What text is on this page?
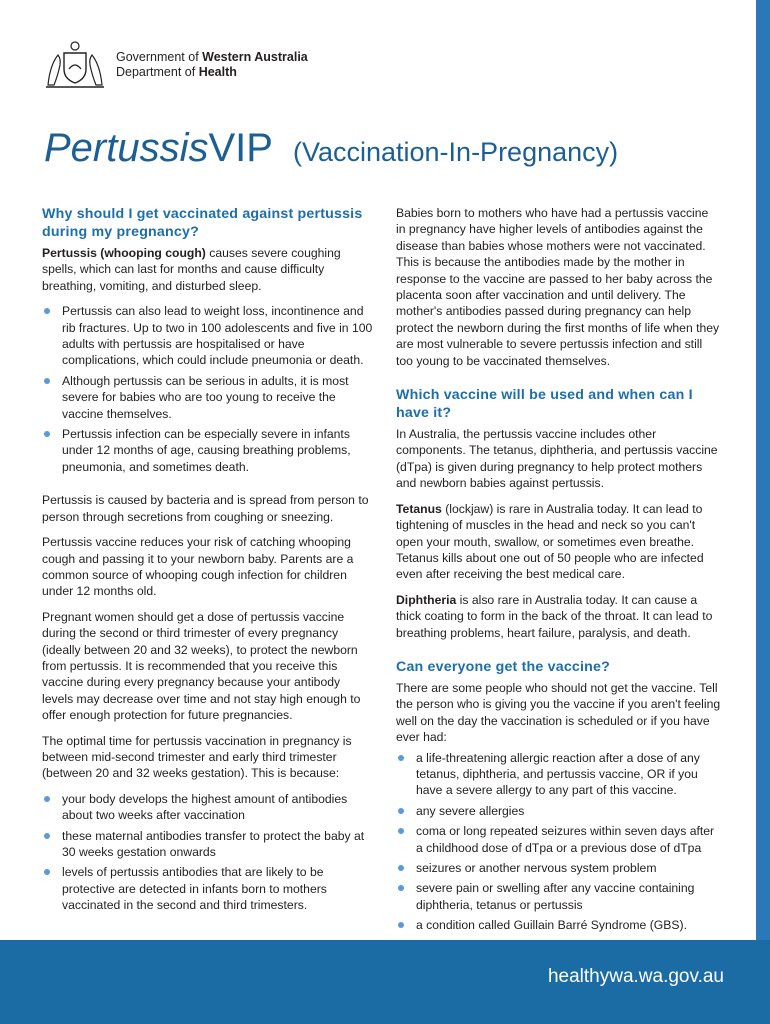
Government of Western Australia
Department of Health
PertussisVIP (Vaccination-In-Pregnancy)
Why should I get vaccinated against pertussis during my pregnancy?

Pertussis (whooping cough) causes severe coughing spells, which can last for months and cause difficulty breathing, vomiting, and disturbed sleep.

Pertussis can also lead to weight loss, incontinence and rib fractures. Up to two in 100 adolescents and five in 100 adults with pertussis are hospitalised or have complications, which could include pneumonia or death.
Although pertussis can be serious in adults, it is most severe for babies who are too young to receive the vaccine themselves.
Pertussis infection can be especially severe in infants under 12 months of age, causing breathing problems, pneumonia, and sometimes death.

Pertussis is caused by bacteria and is spread from person to person through secretions from coughing or sneezing.

Pertussis vaccine reduces your risk of catching whooping cough and passing it to your newborn baby. Parents are a common source of whooping cough infection for children under 12 months old.

Pregnant women should get a dose of pertussis vaccine during the second or third trimester of every pregnancy (ideally between 20 and 32 weeks), to protect the newborn from pertussis. It is recommended that you receive this vaccine during every pregnancy because your antibody levels may decrease over time and not stay high enough to offer enough protection for future pregnancies.

The optimal time for pertussis vaccination in pregnancy is between mid-second trimester and early third trimester (between 20 and 32 weeks gestation). This is because:

your body develops the highest amount of antibodies about two weeks after vaccination
these maternal antibodies transfer to protect the baby at 30 weeks gestation onwards
levels of pertussis antibodies that are likely to be protective are detected in infants born to mothers vaccinated in the second and third trimesters.

Babies born to mothers who have had a pertussis vaccine in pregnancy have higher levels of antibodies against the disease than babies whose mothers were not vaccinated. This is because the antibodies made by the mother in response to the vaccine are passed to her baby across the placenta soon after vaccination and until delivery. The mother's antibodies passed during pregnancy can help protect the newborn during the first months of life when they are most vulnerable to severe pertussis infection and still too young to be vaccinated themselves.

Which vaccine will be used and when can I have it?

In Australia, the pertussis vaccine includes other components. The tetanus, diphtheria, and pertussis vaccine (dTpa) is given during pregnancy to help protect mothers and newborn babies against pertussis.

Tetanus (lockjaw) is rare in Australia today. It can lead to tightening of muscles in the head and neck so you can't open your mouth, swallow, or sometimes even breathe. Tetanus kills about one out of 50 people who are infected even after receiving the best medical care.

Diphtheria is also rare in Australia today. It can cause a thick coating to form in the back of the throat. It can lead to breathing problems, heart failure, paralysis, and death.

Can everyone get the vaccine?

There are some people who should not get the vaccine. Tell the person who is giving you the vaccine if you aren't feeling well on the day the vaccination is scheduled or if you have ever had:

a life-threatening allergic reaction after a dose of any tetanus, diphtheria, and pertussis vaccine, OR if you have a severe allergy to any part of this vaccine.
any severe allergies
coma or long repeated seizures within seven days after a childhood dose of dTpa or a previous dose of dTpa
seizures or another nervous system problem
severe pain or swelling after any vaccine containing diphtheria, tetanus or pertussis
a condition called Guillain Barré Syndrome (GBS).
healthywa.wa.gov.au
